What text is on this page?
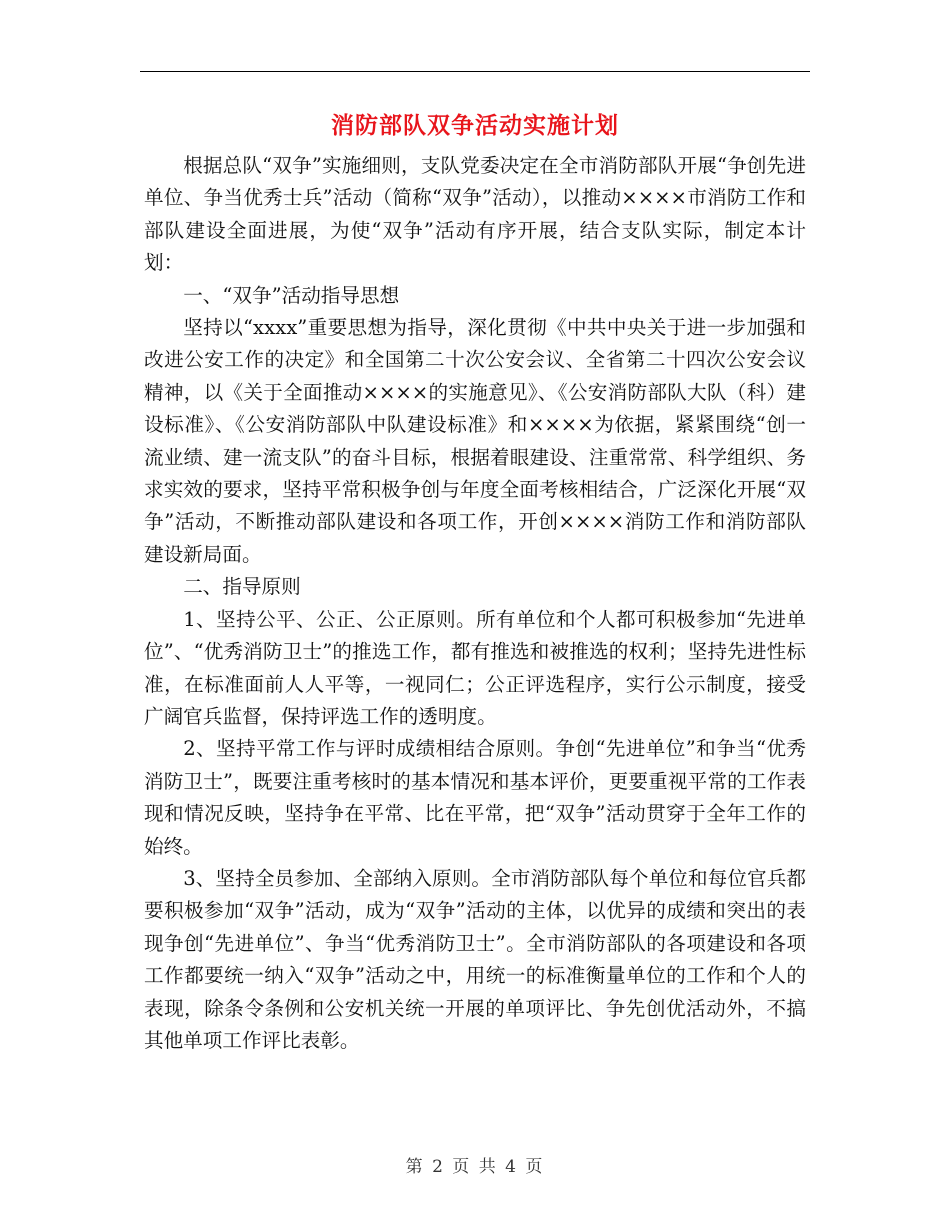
消防部队双争活动实施计划

根据总队“双争”实施细则，支队党委决定在全市消防部队开展“争创先进单位、争当优秀士兵”活动（简称“双争”活动），以推动××××市消防工作和部队建设全面进展，为使“双争”活动有序开展，结合支队实际，制定本计划：

一、“双争”活动指导思想

坚持以“xxxx”重要思想为指导，深化贯彻《中共中央关于进一步加强和改进公安工作的决定》和全国第二十次公安会议、全省第二十四次公安会议精神，以《关于全面推动××××的实施意见》、《公安消防部队大队（科）建设标准》、《公安消防部队中队建设标准》和××××为依据，紧紧围绕“创一流业绩、建一流支队”的奋斗目标，根据着眼建设、注重常常、科学组织、务求实效的要求，坚持平常积极争创与年度全面考核相结合，广泛深化开展“双争”活动，不断推动部队建设和各项工作，开创××××消防工作和消防部队建设新局面。

二、指导原则

1、坚持公平、公正、公正原则。所有单位和个人都可积极参加“先进单位”、“优秀消防卫士”的推选工作，都有推选和被推选的权利；坚持先进性标准，在标准面前人人平等，一视同仁；公正评选程序，实行公示制度，接受广阔官兵监督，保持评选工作的透明度。

2、坚持平常工作与评时成绩相结合原则。争创“先进单位”和争当“优秀消防卫士”，既要注重考核时的基本情况和基本评价，更要重视平常的工作表现和情况反映，坚持争在平常、比在平常，把“双争”活动贯穿于全年工作的始终。

3、坚持全员参加、全部纳入原则。全市消防部队每个单位和每位官兵都要积极参加“双争”活动，成为“双争”活动的主体，以优异的成绩和突出的表现争创“先进单位”、争当“优秀消防卫士”。全市消防部队的各项建设和各项工作都要统一纳入“双争”活动之中，用统一的标准衡量单位的工作和个人的表现，除条令条例和公安机关统一开展的单项评比、争先创优活动外，不搞其他单项工作评比表彰。

第 2 页 共 4 页
